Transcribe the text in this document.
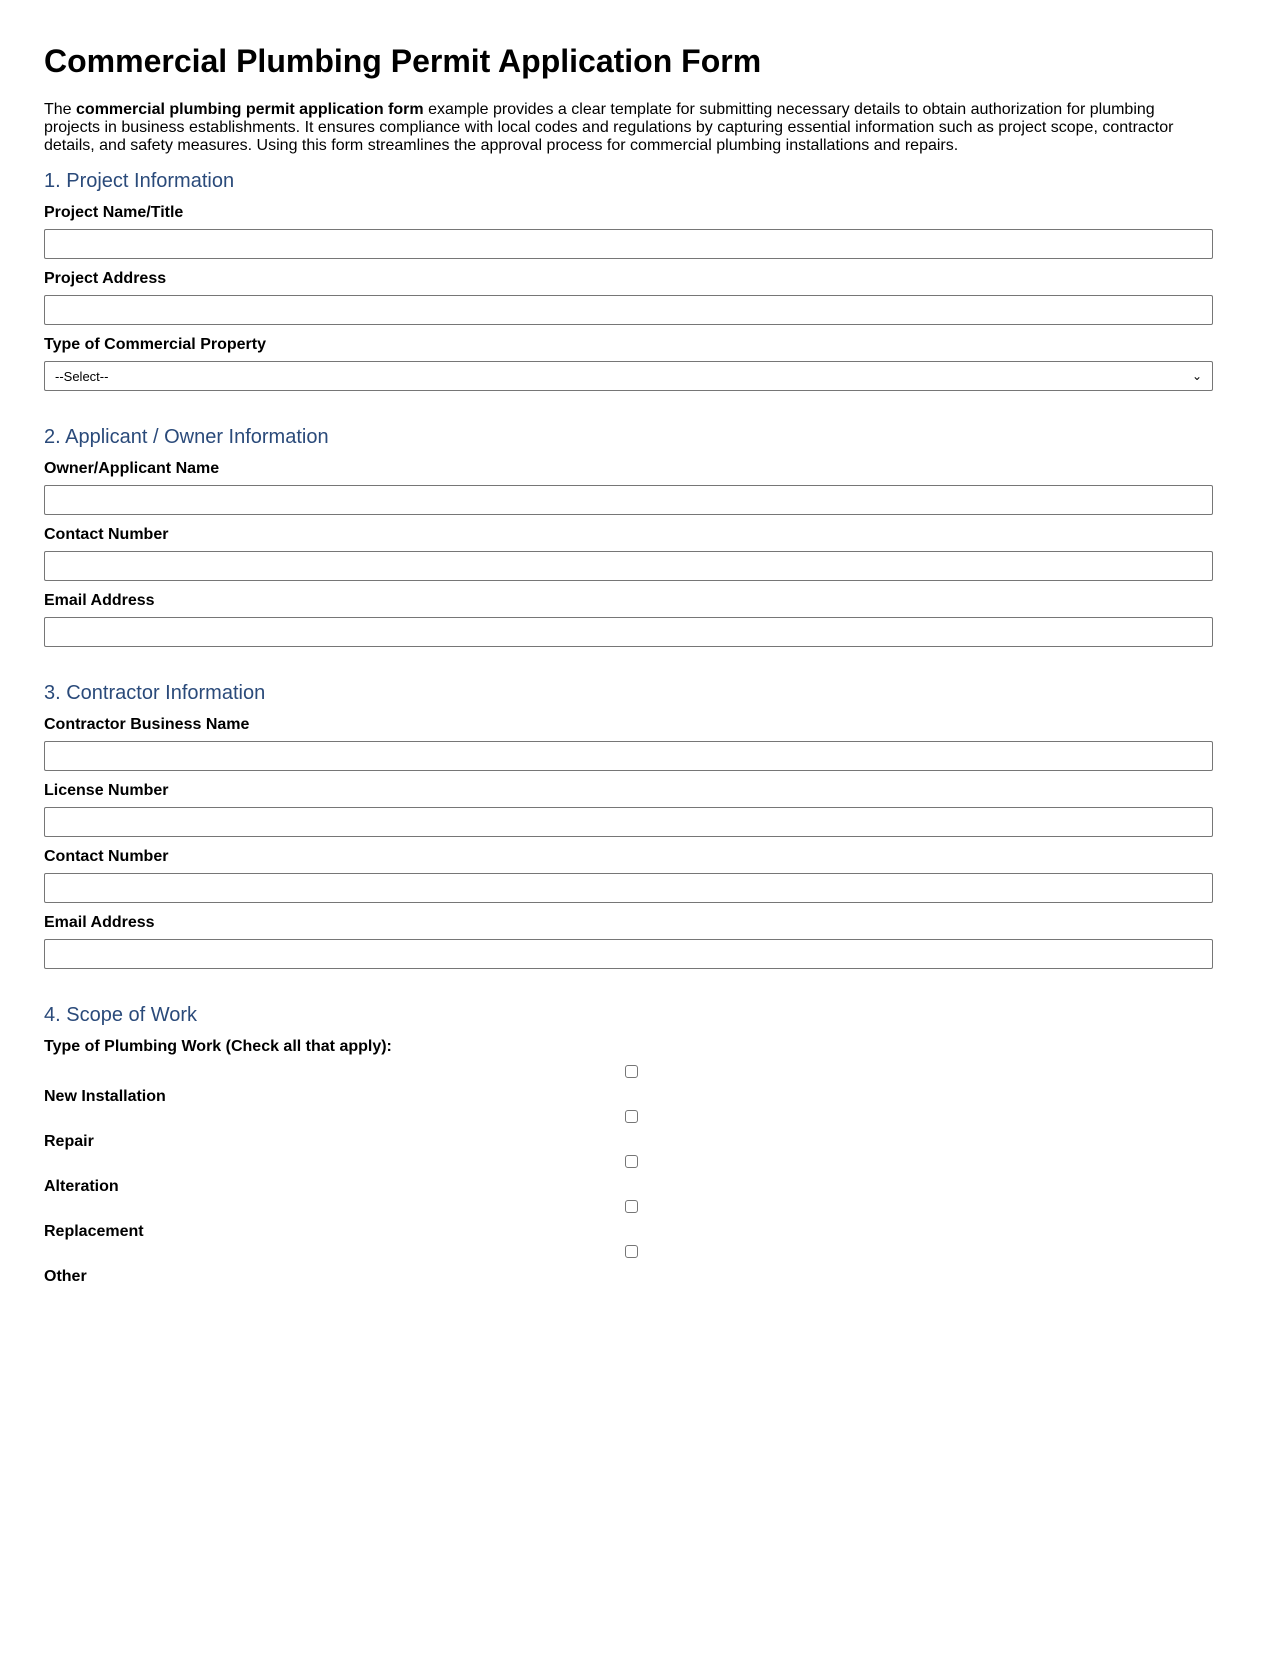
Commercial Plumbing Permit Application Form

The commercial plumbing permit application form example provides a clear template for submitting necessary details to obtain authorization for plumbing projects in business establishments. It ensures compliance with local codes and regulations by capturing essential information such as project scope, contractor details, and safety measures. Using this form streamlines the approval process for commercial plumbing installations and repairs.

1. Project Information
Project Name/Title
Project Address
Type of Commercial Property
--Select--	⌄
2. Applicant / Owner Information
Owner/Applicant Name
Contact Number
Email Address
3. Contractor Information
Contractor Business Name
License Number
Contact Number
Email Address
4. Scope of Work
Type of Plumbing Work (Check all that apply):
New Installation
Repair
Alteration
Replacement
Other
